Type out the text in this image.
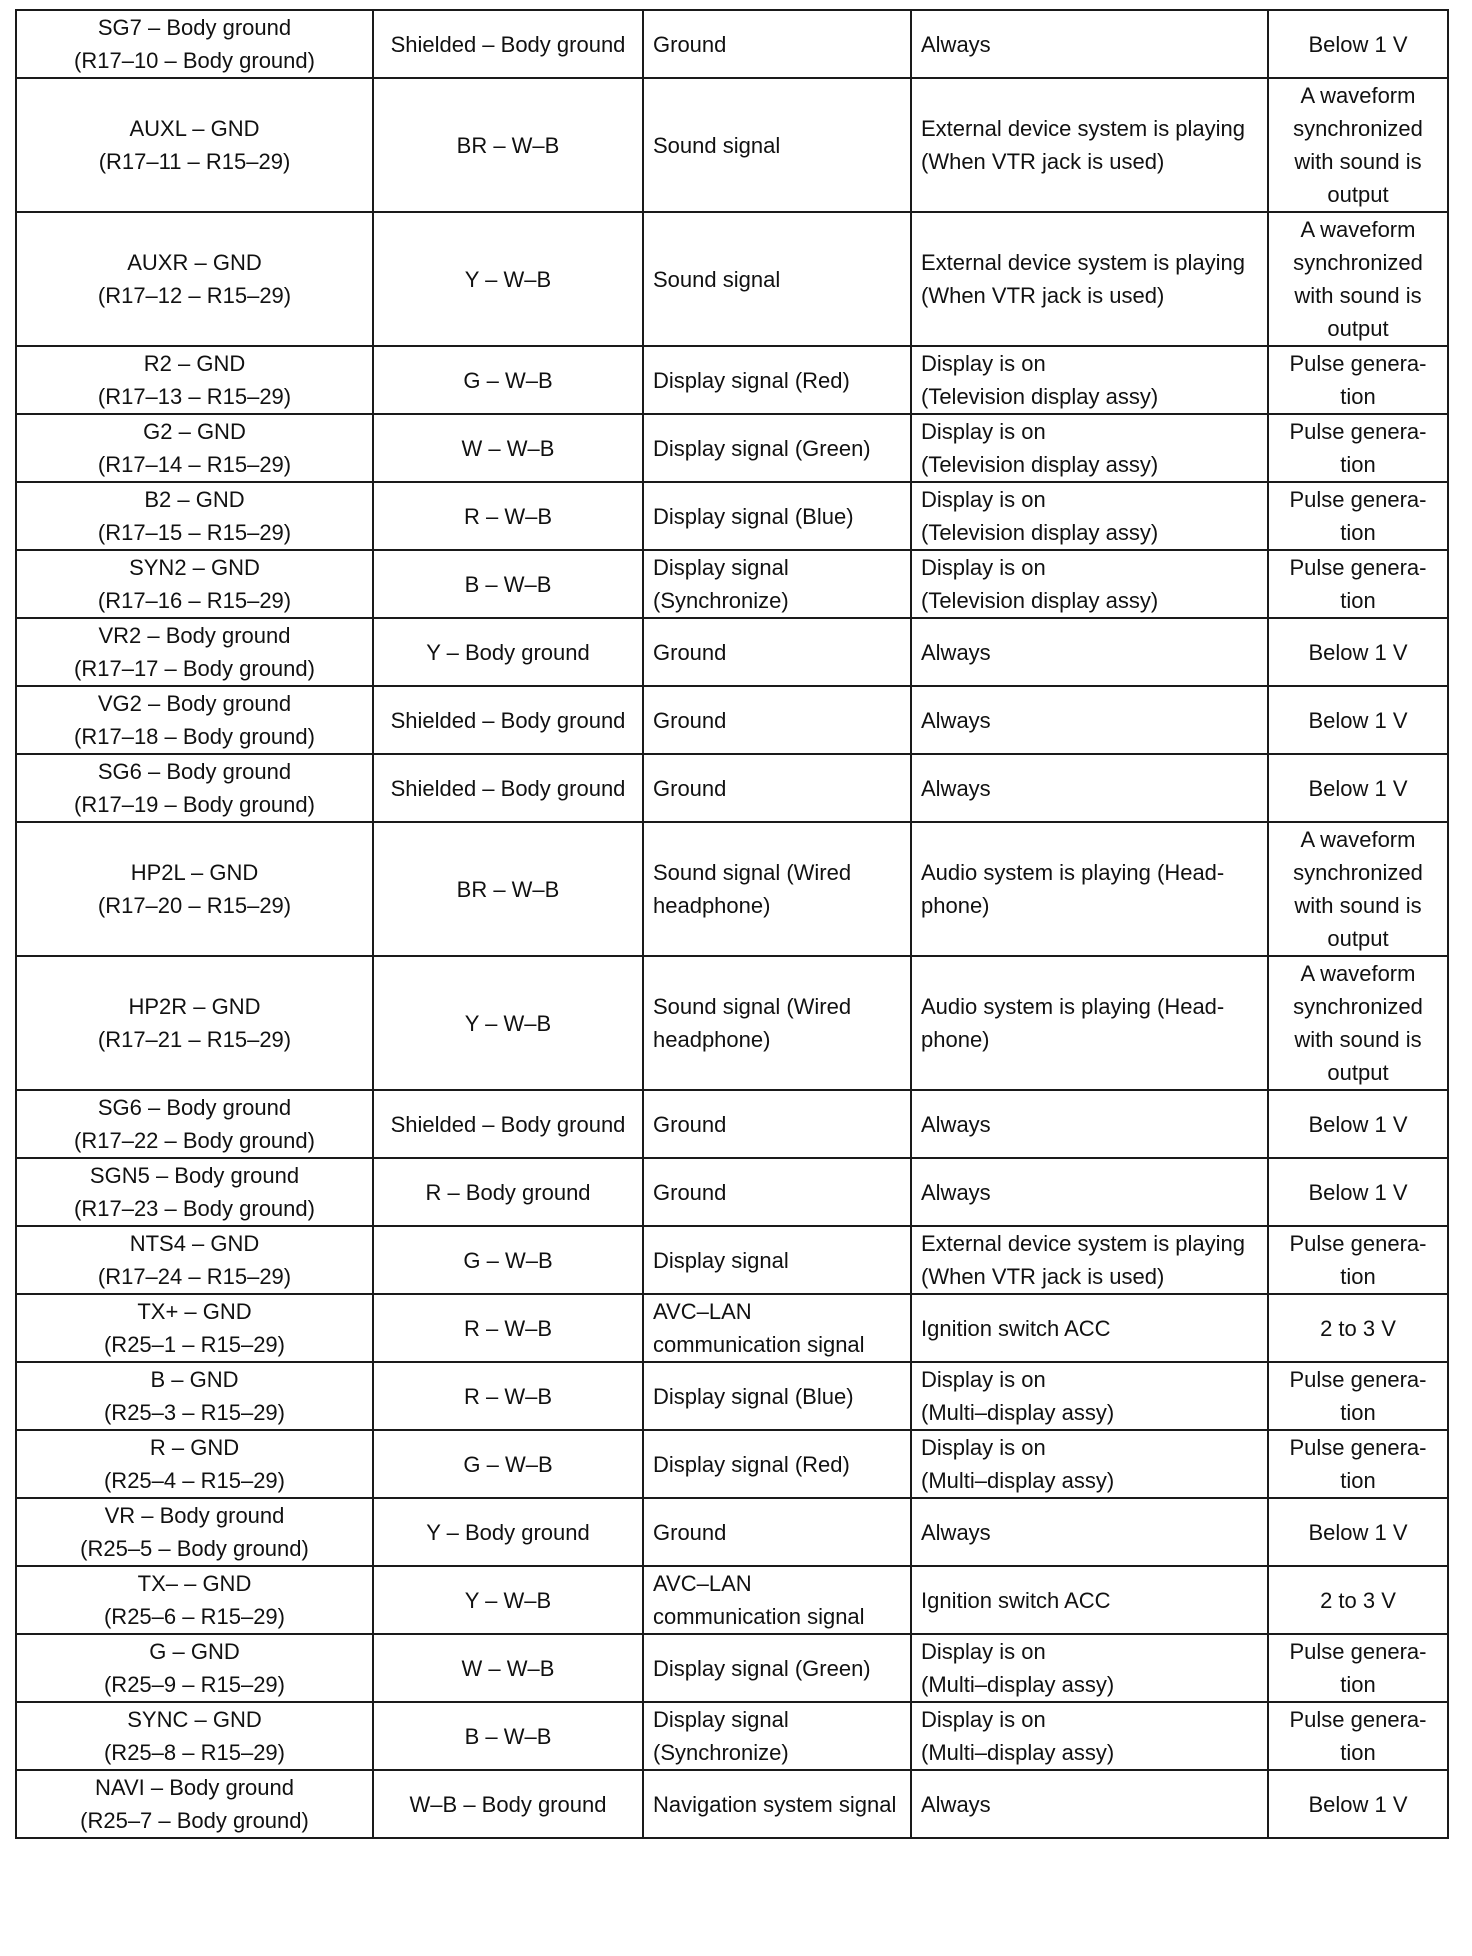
SG7 – Body ground
(R17–10 – Body ground)	Shielded – Body ground	Ground	Always	Below 1 V

AUXL – GND
(R17–11 – R15–29)	BR – W–B	Sound signal	External device system is playing
(When VTR jack is used)	A waveform
synchronized
with sound is
output

AUXR – GND
(R17–12 – R15–29)	Y – W–B	Sound signal	External device system is playing
(When VTR jack is used)	A waveform
synchronized
with sound is
output

R2 – GND
(R17–13 – R15–29)	G – W–B	Display signal (Red)	Display is on
(Television display assy)	Pulse genera-
tion

G2 – GND
(R17–14 – R15–29)	W – W–B	Display signal (Green)	Display is on
(Television display assy)	Pulse genera-
tion

B2 – GND
(R17–15 – R15–29)	R – W–B	Display signal (Blue)	Display is on
(Television display assy)	Pulse genera-
tion

SYN2 – GND
(R17–16 – R15–29)	B – W–B	Display signal
(Synchronize)	Display is on
(Television display assy)	Pulse genera-
tion

VR2 – Body ground
(R17–17 – Body ground)	Y – Body ground	Ground	Always	Below 1 V

VG2 – Body ground
(R17–18 – Body ground)	Shielded – Body ground	Ground	Always	Below 1 V

SG6 – Body ground
(R17–19 – Body ground)	Shielded – Body ground	Ground	Always	Below 1 V

HP2L – GND
(R17–20 – R15–29)	BR – W–B	Sound signal (Wired
headphone)	Audio system is playing (Head-
phone)	A waveform
synchronized
with sound is
output

HP2R – GND
(R17–21 – R15–29)	Y – W–B	Sound signal (Wired
headphone)	Audio system is playing (Head-
phone)	A waveform
synchronized
with sound is
output

SG6 – Body ground
(R17–22 – Body ground)	Shielded – Body ground	Ground	Always	Below 1 V

SGN5 – Body ground
(R17–23 – Body ground)	R – Body ground	Ground	Always	Below 1 V

NTS4 – GND
(R17–24 – R15–29)	G – W–B	Display signal	External device system is playing
(When VTR jack is used)	Pulse genera-
tion

TX+ – GND
(R25–1 – R15–29)	R – W–B	AVC–LAN
communication signal	Ignition switch ACC	2 to 3 V

B – GND
(R25–3 – R15–29)	R – W–B	Display signal (Blue)	Display is on
(Multi–display assy)	Pulse genera-
tion

R – GND
(R25–4 – R15–29)	G – W–B	Display signal (Red)	Display is on
(Multi–display assy)	Pulse genera-
tion

VR – Body ground
(R25–5 – Body ground)	Y – Body ground	Ground	Always	Below 1 V

TX– – GND
(R25–6 – R15–29)	Y – W–B	AVC–LAN
communication signal	Ignition switch ACC	2 to 3 V

G – GND
(R25–9 – R15–29)	W – W–B	Display signal (Green)	Display is on
(Multi–display assy)	Pulse genera-
tion

SYNC – GND
(R25–8 – R15–29)	B – W–B	Display signal
(Synchronize)	Display is on
(Multi–display assy)	Pulse genera-
tion

NAVI – Body ground
(R25–7 – Body ground)	W–B – Body ground	Navigation system signal	Always	Below 1 V
